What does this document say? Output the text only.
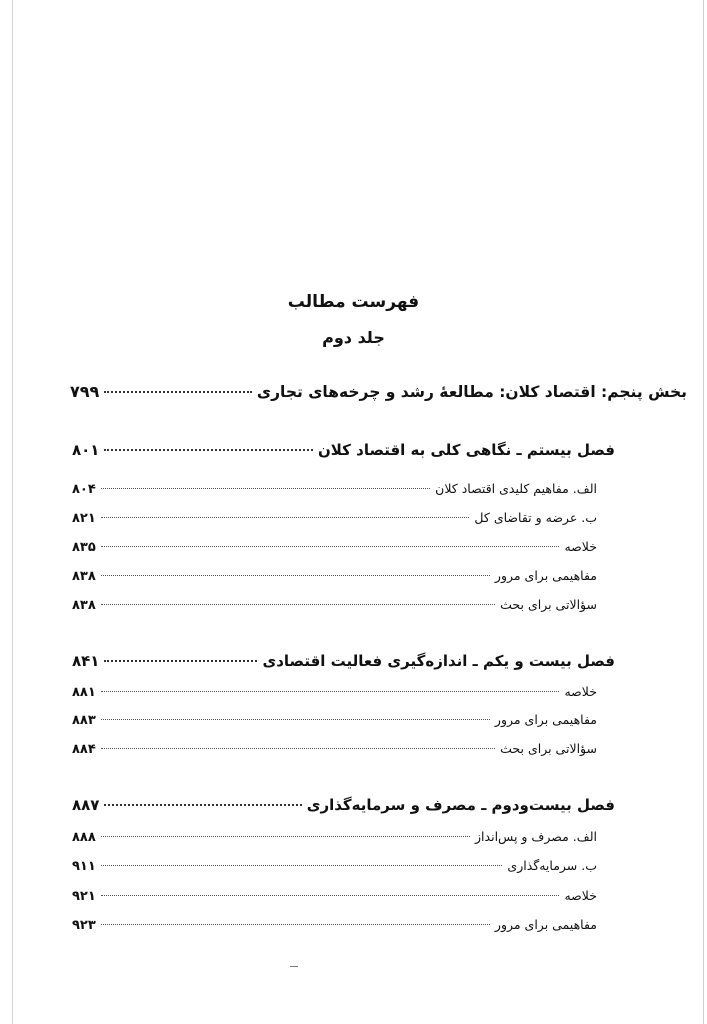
فهرست مطالب
جلد دوم
بخش پنجم: اقتصاد کلان: مطالعهٔ رشد و چرخه‌های تجاری
۷۹۹
فصل بیستم ـ نگاهی کلی به اقتصاد کلان
۸۰۱
الف. مفاهیم کلیدی اقتصاد کلان
۸۰۴
ب. عرضه و تقاضای کل
۸۲۱
خلاصه
۸۳۵
مفاهیمی برای مرور
۸۳۸
سؤالاتی برای بحث
۸۳۸
فصل بیست و یکم ـ اندازه‌گیری فعالیت اقتصادی
۸۴۱
خلاصه
۸۸۱
مفاهیمی برای مرور
۸۸۳
سؤالاتی برای بحث
۸۸۴
فصل بیست‌ودوم ـ مصرف و سرمایه‌گذاری
۸۸۷
الف. مصرف و پس‌انداز
۸۸۸
ب. سرمایه‌گذاری
۹۱۱
خلاصه
۹۲۱
مفاهیمی برای مرور
۹۲۳
